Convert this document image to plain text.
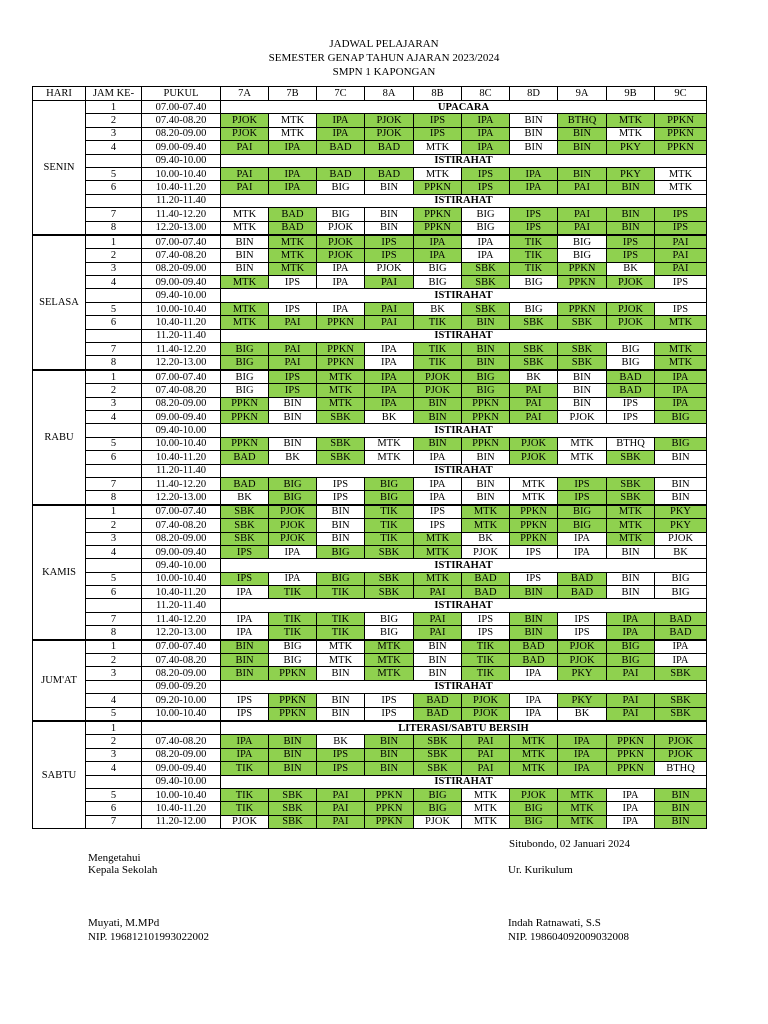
JADWAL PELAJARAN
SEMESTER GENAP TAHUN AJARAN 2023/2024
SMPN 1 KAPONGAN
HARI	JAM KE-	PUKUL	7A	7B	7C	8A	8B	8C	8D	9A	9B	9C
SENIN	1	07.00-07.40	UPACARA									
	2	07.40-08.20	PJOK	MTK	IPA	PJOK	IPS	IPA	BIN	BTHQ	MTK	PPKN
	3	08.20-09.00	PJOK	MTK	IPA	PJOK	IPS	IPA	BIN	BIN	MTK	PPKN
	4	09.00-09.40	PAI	IPA	BAD	BAD	MTK	IPA	BIN	BIN	PKY	PPKN
		09.40-10.00	ISTIRAHAT									
	5	10.00-10.40	PAI	IPA	BAD	BAD	MTK	IPS	IPA	BIN	PKY	MTK
	6	10.40-11.20	PAI	IPA	BIG	BIN	PPKN	IPS	IPA	PAI	BIN	MTK
		11.20-11.40	ISTIRAHAT									
	7	11.40-12.20	MTK	BAD	BIG	BIN	PPKN	BIG	IPS	PAI	BIN	IPS
	8	12.20-13.00	MTK	BAD	PJOK	BIN	PPKN	BIG	IPS	PAI	BIN	IPS
SELASA	1	07.00-07.40	BIN	MTK	PJOK	IPS	IPA	IPA	TIK	BIG	IPS	PAI
	2	07.40-08.20	BIN	MTK	PJOK	IPS	IPA	IPA	TIK	BIG	IPS	PAI
	3	08.20-09.00	BIN	MTK	IPA	PJOK	BIG	SBK	TIK	PPKN	BK	PAI
	4	09.00-09.40	MTK	IPS	IPA	PAI	BIG	SBK	BIG	PPKN	PJOK	IPS
		09.40-10.00	ISTIRAHAT									
	5	10.00-10.40	MTK	IPS	IPA	PAI	BK	SBK	BIG	PPKN	PJOK	IPS
	6	10.40-11.20	MTK	PAI	PPKN	PAI	TIK	BIN	SBK	SBK	PJOK	MTK
		11.20-11.40	ISTIRAHAT									
	7	11.40-12.20	BIG	PAI	PPKN	IPA	TIK	BIN	SBK	SBK	BIG	MTK
	8	12.20-13.00	BIG	PAI	PPKN	IPA	TIK	BIN	SBK	SBK	BIG	MTK
RABU	1	07.00-07.40	BIG	IPS	MTK	IPA	PJOK	BIG	BK	BIN	BAD	IPA
	2	07.40-08.20	BIG	IPS	MTK	IPA	PJOK	BIG	PAI	BIN	BAD	IPA
	3	08.20-09.00	PPKN	BIN	MTK	IPA	BIN	PPKN	PAI	BIN	IPS	IPA
	4	09.00-09.40	PPKN	BIN	SBK	BK	BIN	PPKN	PAI	PJOK	IPS	BIG
		09.40-10.00	ISTIRAHAT									
	5	10.00-10.40	PPKN	BIN	SBK	MTK	BIN	PPKN	PJOK	MTK	BTHQ	BIG
	6	10.40-11.20	BAD	BK	SBK	MTK	IPA	BIN	PJOK	MTK	SBK	BIN
		11.20-11.40	ISTIRAHAT									
	7	11.40-12.20	BAD	BIG	IPS	BIG	IPA	BIN	MTK	IPS	SBK	BIN
	8	12.20-13.00	BK	BIG	IPS	BIG	IPA	BIN	MTK	IPS	SBK	BIN
KAMIS	1	07.00-07.40	SBK	PJOK	BIN	TIK	IPS	MTK	PPKN	BIG	MTK	PKY
	2	07.40-08.20	SBK	PJOK	BIN	TIK	IPS	MTK	PPKN	BIG	MTK	PKY
	3	08.20-09.00	SBK	PJOK	BIN	TIK	MTK	BK	PPKN	IPA	MTK	PJOK
	4	09.00-09.40	IPS	IPA	BIG	SBK	MTK	PJOK	IPS	IPA	BIN	BK
		09.40-10.00	ISTIRAHAT									
	5	10.00-10.40	IPS	IPA	BIG	SBK	MTK	BAD	IPS	BAD	BIN	BIG
	6	10.40-11.20	IPA	TIK	TIK	SBK	PAI	BAD	BIN	BAD	BIN	BIG
		11.20-11.40	ISTIRAHAT									
	7	11.40-12.20	IPA	TIK	TIK	BIG	PAI	IPS	BIN	IPS	IPA	BAD
	8	12.20-13.00	IPA	TIK	TIK	BIG	PAI	IPS	BIN	IPS	IPA	BAD
JUM'AT	1	07.00-07.40	BIN	BIG	MTK	MTK	BIN	TIK	BAD	PJOK	BIG	IPA
	2	07.40-08.20	BIN	BIG	MTK	MTK	BIN	TIK	BAD	PJOK	BIG	IPA
	3	08.20-09.00	BIN	PPKN	BIN	MTK	BIN	TIK	IPA	PKY	PAI	SBK
		09.00-09.20	ISTIRAHAT									
	4	09.20-10.00	IPS	PPKN	BIN	IPS	BAD	PJOK	IPA	PKY	PAI	SBK
	5	10.00-10.40	IPS	PPKN	BIN	IPS	BAD	PJOK	IPA	BK	PAI	SBK
SABTU	1		LITERASI/SABTU BERSIH									
	2	07.40-08.20	IPA	BIN	BK	BIN	SBK	PAI	MTK	IPA	PPKN	PJOK
	3	08.20-09.00	IPA	BIN	IPS	BIN	SBK	PAI	MTK	IPA	PPKN	PJOK
	4	09.00-09.40	TIK	BIN	IPS	BIN	SBK	PAI	MTK	IPA	PPKN	BTHQ
		09.40-10.00	ISTIRAHAT									
	5	10.00-10.40	TIK	SBK	PAI	PPKN	BIG	MTK	PJOK	MTK	IPA	BIN
	6	10.40-11.20	TIK	SBK	PAI	PPKN	BIG	MTK	BIG	MTK	IPA	BIN
	7	11.20-12.00	PJOK	SBK	PAI	PPKN	PJOK	MTK	BIG	MTK	IPA	BIN
Situbondo, 02 Januari 2024
Mengetahui
Kepala Sekolah	Ur. Kurikulum
Muyati, M.MPd
NIP. 196812101993022002
Indah Ratnawati, S.S
NIP. 198604092009032008
